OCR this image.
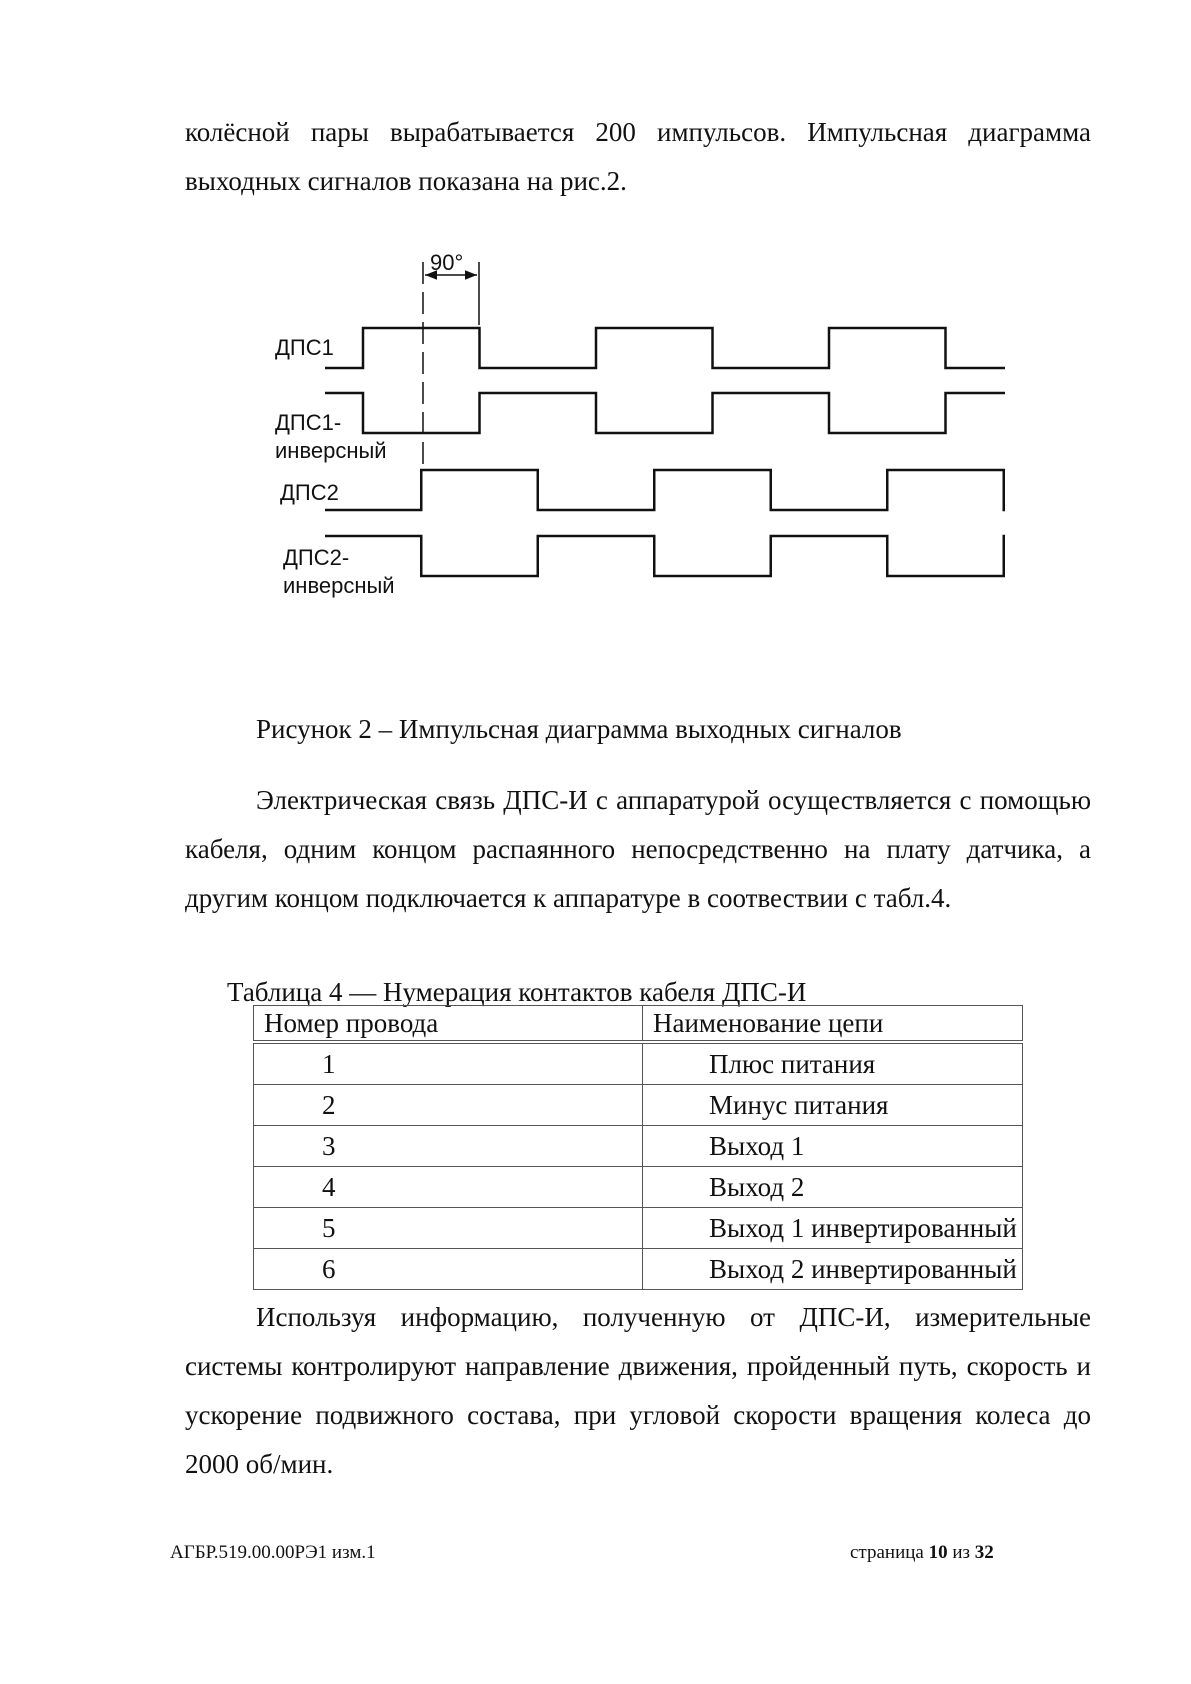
колёсной пары вырабатывается 200 импульсов. Импульсная диаграмма

выходных сигналов показана на рис.2.

90°
ДПС1
ДПС1-
инверсный
ДПС2
ДПС2-
инверсный

Рисунок 2 – Импульсная диаграмма выходных сигналов

Электрическая связь ДПС-И с аппаратурой осуществляется с помощью кабеля, одним концом распаянного непосредственно на плату датчика, а другим концом подключается к аппаратуре в соотвествии с табл.4.

Таблица 4 — Нумерация контактов кабеля ДПС-И

Номер провода	Наименование цепи
1	Плюс питания
2	Минус питания
3	Выход 1
4	Выход 2
5	Выход 1 инвертированный
6	Выход 2 инвертированный

Используя информацию, полученную от ДПС-И, измерительные системы контролируют направление движения, пройденный путь, скорость и ускорение подвижного состава, при угловой скорости вращения колеса до 2000 об/мин.

АГБР.519.00.00РЭ1 изм.1	страница 10 из 32
